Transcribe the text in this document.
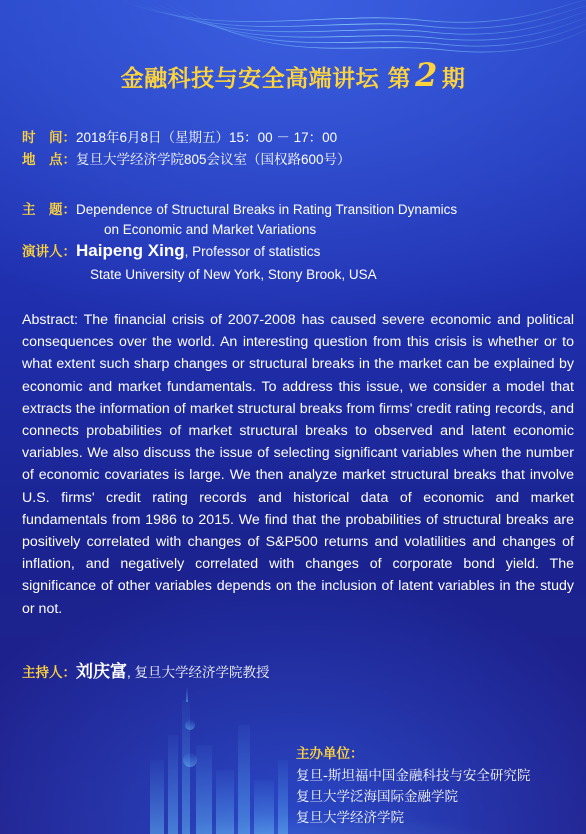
金融科技与安全高端讲坛 第 2 期
时　间：2018年6月8日（星期五）15：00 － 17：00
地　点：复旦大学经济学院805会议室（国权路600号）
主　题：Dependence of Structural Breaks in Rating Transition Dynamics
on Economic and Market Variations
演讲人：Haipeng Xing, Professor of statistics
State University of New York, Stony Brook, USA
Abstract: The financial crisis of 2007-2008 has caused severe economic and political consequences over the world. An interesting question from this crisis is whether or to what extent such sharp changes or structural breaks in the market can be explained by economic and market fundamentals. To address this issue, we consider a model that extracts the information of market structural breaks from firms' credit rating records, and connects probabilities of market structural breaks to observed and latent economic variables. We also discuss the issue of selecting significant variables when the number of economic covariates is large. We then analyze market structural breaks that involve U.S. firms' credit rating records and historical data of economic and market fundamentals from 1986 to 2015. We find that the probabilities of structural breaks are positively correlated with changes of S&P500 returns and volatilities and changes of inflation, and negatively correlated with changes of corporate bond yield. The significance of other variables depends on the inclusion of latent variables in the study or not.
主持人：刘庆富, 复旦大学经济学院教授
主办单位：
复旦-斯坦福中国金融科技与安全研究院
复旦大学泛海国际金融学院
复旦大学经济学院
